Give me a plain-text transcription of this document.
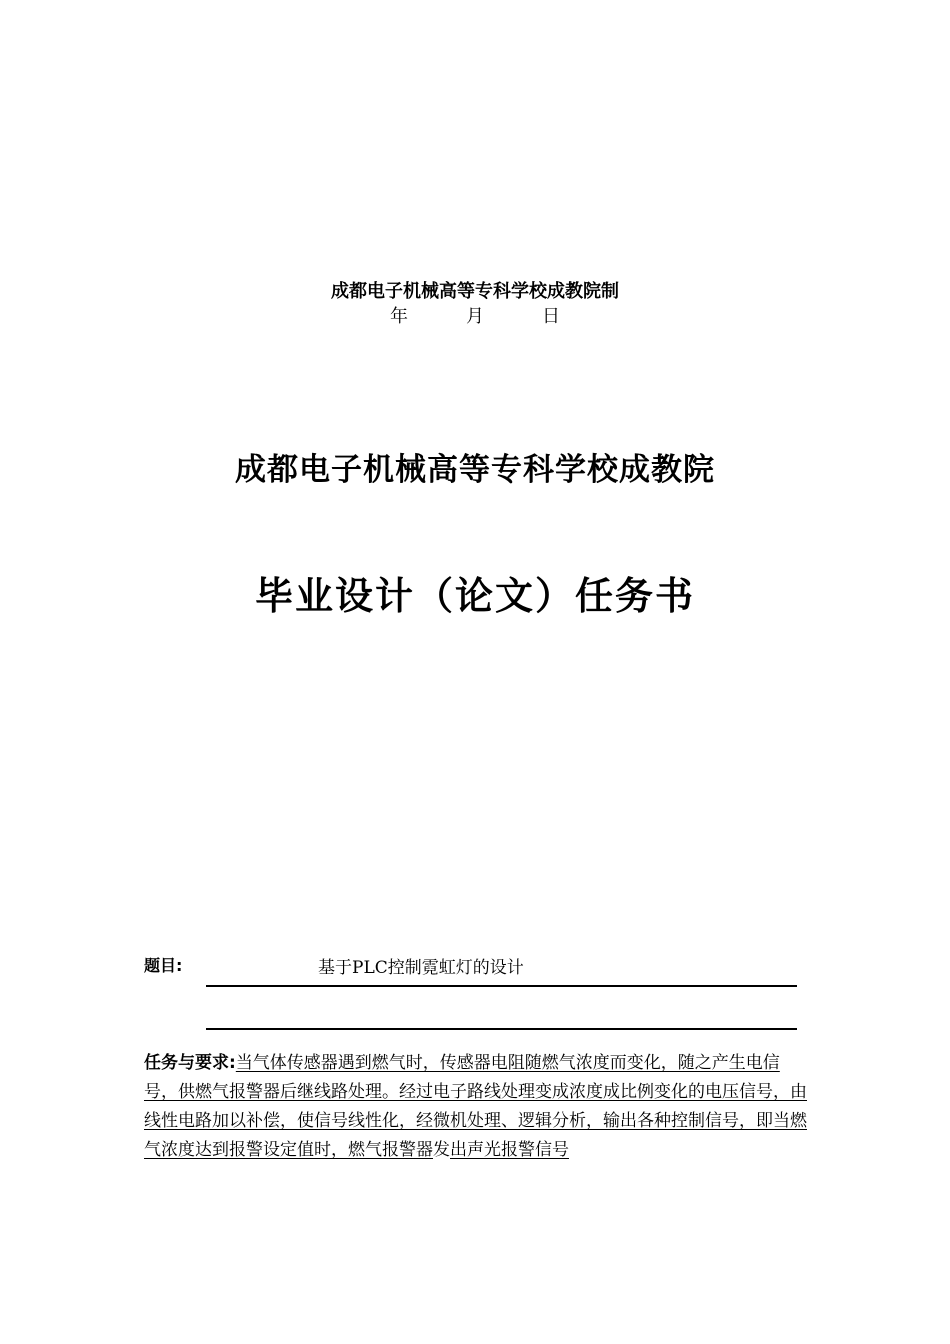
成都电子机械高等专科学校成教院制
年	月	日
成都电子机械高等专科学校成教院
毕业设计（论文）任务书
题目:	基于PLC控制霓虹灯的设计
任务与要求:当气体传感器遇到燃气时，传感器电阻随燃气浓度而变化，随之产生电信号，供燃气报警器后继线路处理。经过电子路线处理变成浓度成比例变化的电压信号，由线性电路加以补偿，使信号线性化，经微机处理、逻辑分析，输出各种控制信号，即当燃气浓度达到报警设定值时，燃气报警器发出声光报警信号
